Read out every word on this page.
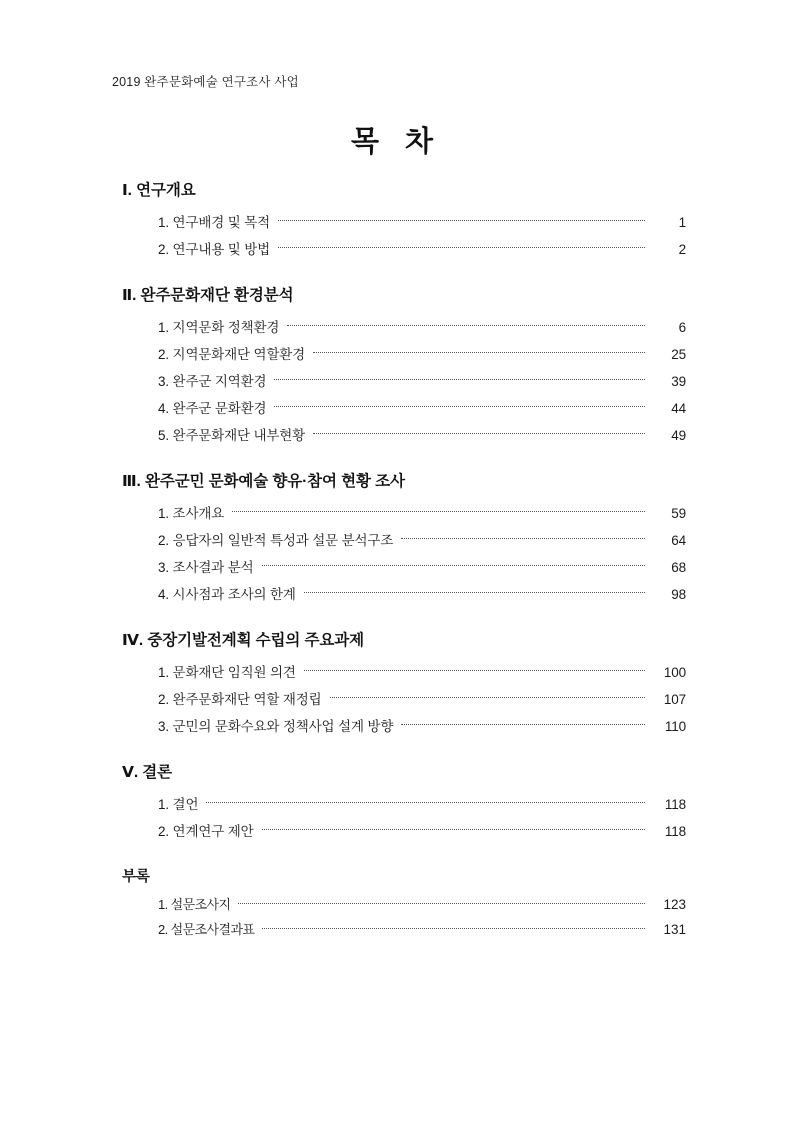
2019 완주문화예술 연구조사 사업
목 차
Ⅰ. 연구개요
1. 연구배경 및 목적	1
2. 연구내용 및 방법	2
Ⅱ. 완주문화재단 환경분석
1. 지역문화 정책환경	6
2. 지역문화재단 역할환경	25
3. 완주군 지역환경	39
4. 완주군 문화환경	44
5. 완주문화재단 내부현황	49
Ⅲ. 완주군민 문화예술 향유·참여 현황 조사
1. 조사개요	59
2. 응답자의 일반적 특성과 설문 분석구조	64
3. 조사결과 분석	68
4. 시사점과 조사의 한계	98
Ⅳ. 중장기발전계획 수립의 주요과제
1. 문화재단 임직원 의견	100
2. 완주문화재단 역할 재정립	107
3. 군민의 문화수요와 정책사업 설계 방향	110
Ⅴ. 결론
1. 결언	118
2. 연계연구 제안	118
부록
1. 설문조사지	123
2. 설문조사결과표	131
